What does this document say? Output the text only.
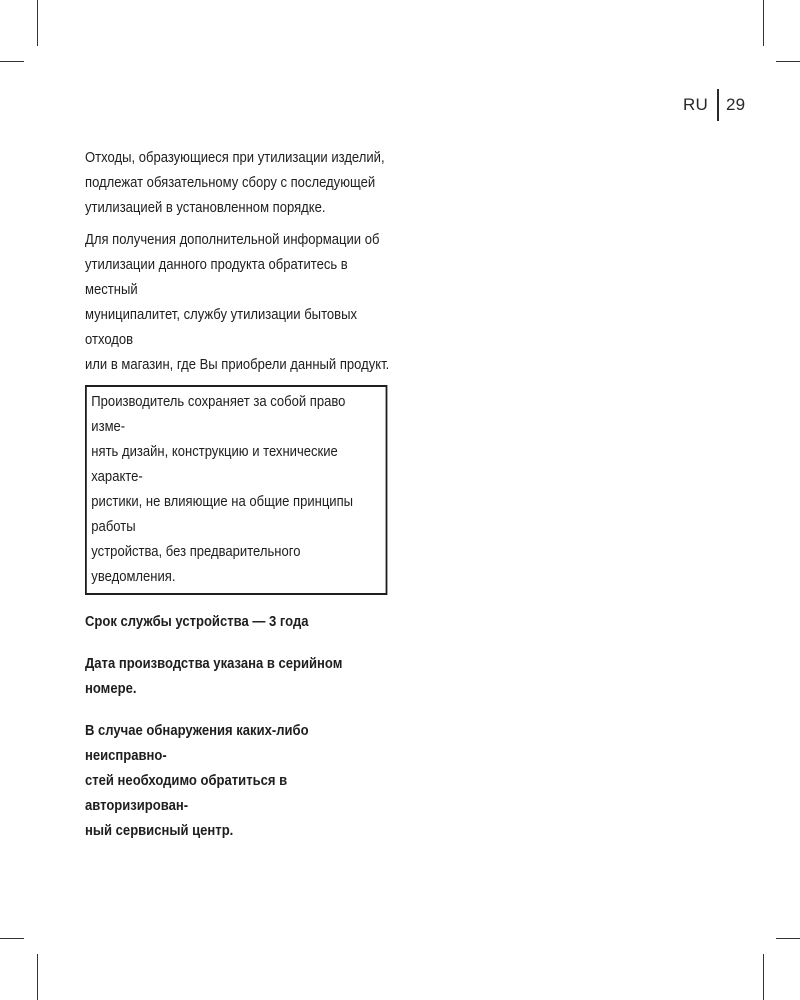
RU 29
Отходы, образующиеся при утилизации изделий,
подлежат обязательному сбору с последующей
утилизацией в установленном порядке.
Для получения дополнительной информации об
утилизации данного продукта обратитесь в местный
муниципалитет, службу утилизации бытовых отходов
или в магазин, где Вы приобрели данный продукт.
Производитель сохраняет за собой право изме-
нять дизайн, конструкцию и технические характе-
ристики, не влияющие на общие принципы работы
устройства, без предварительного уведомления.
Срок службы устройства — 3 года
Дата производства указана в серийном номере.
В случае обнаружения каких-либо неисправно-
стей необходимо обратиться в авторизирован-
ный сервисный центр.
